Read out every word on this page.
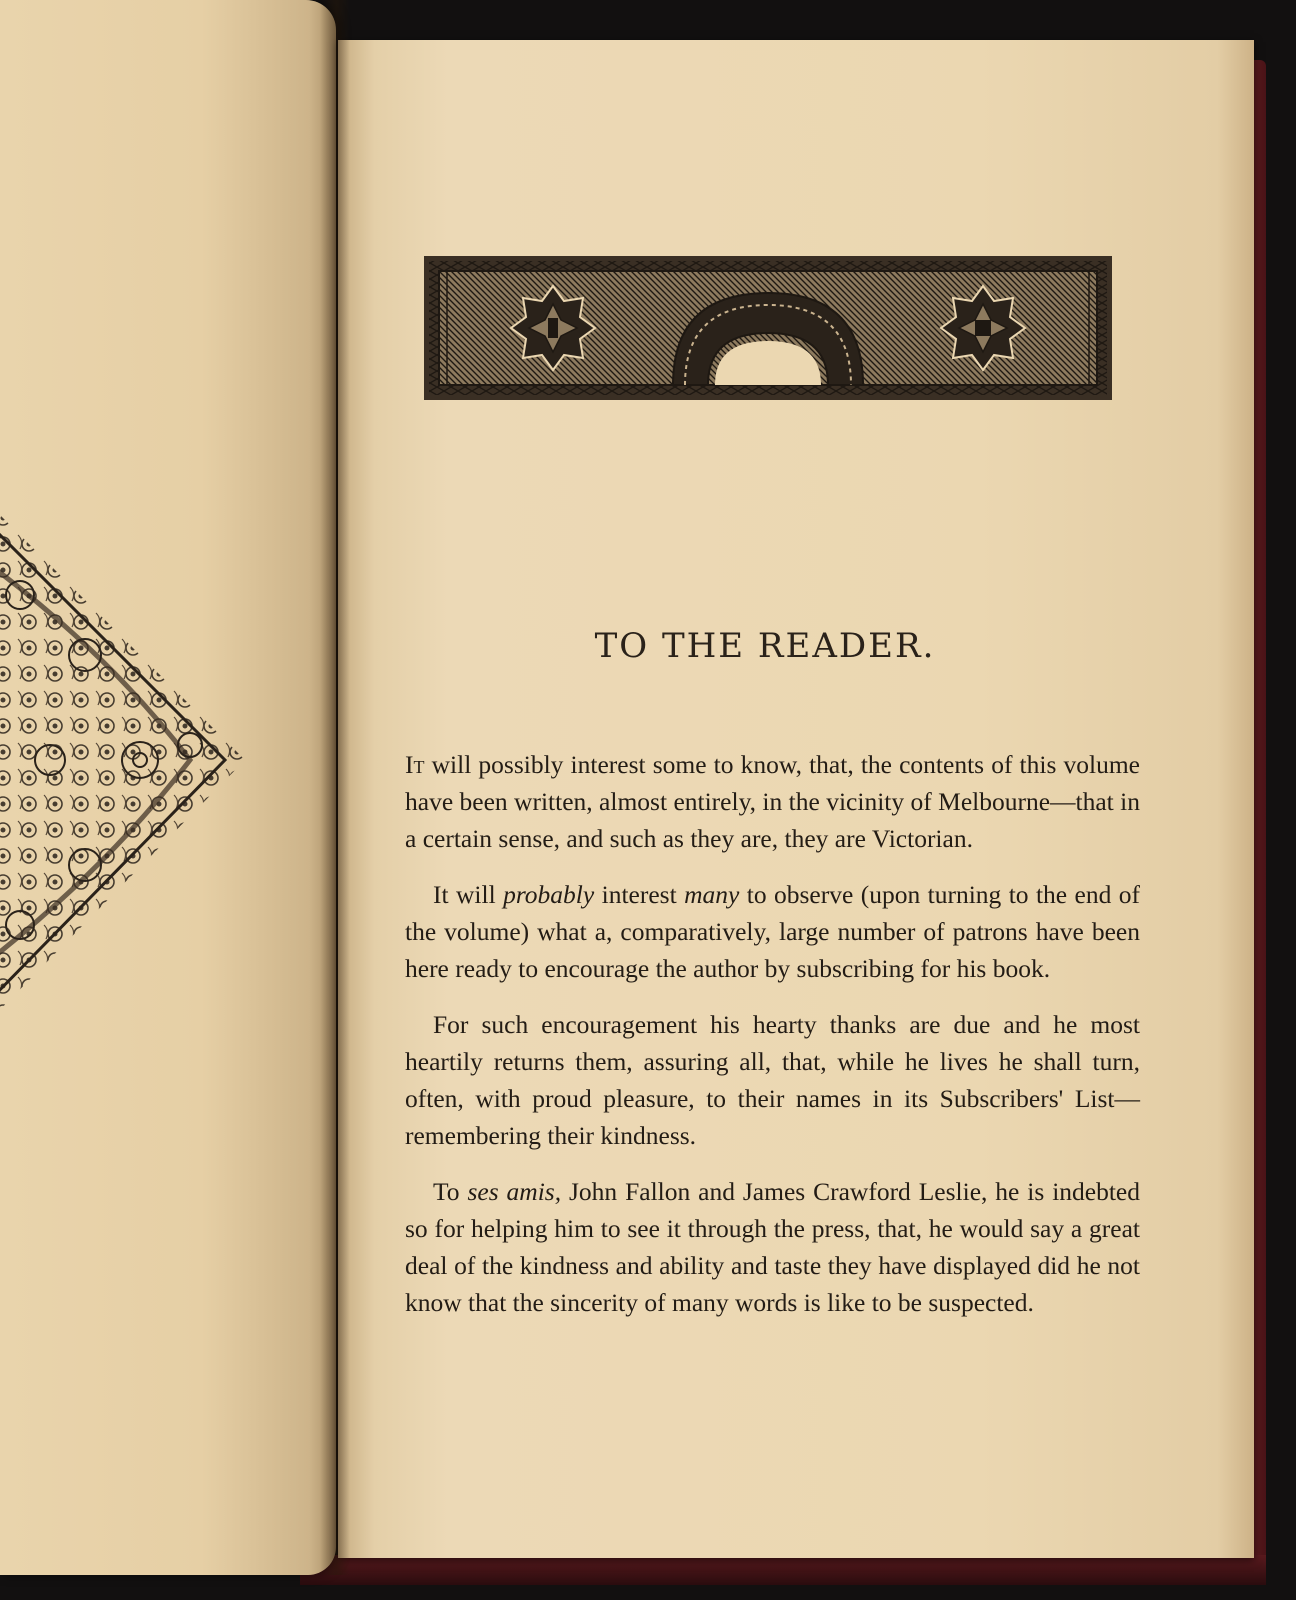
TO THE READER.

It will possibly interest some to know, that, the contents of this volume have been written, almost entirely, in the vicinity of Melbourne—that in a certain sense, and such as they are, they are Victorian.

It will probably interest many to observe (upon turning to the end of the volume) what a, comparatively, large number of patrons have been here ready to encourage the author by subscribing for his book.

For such encouragement his hearty thanks are due and he most heartily returns them, assuring all, that, while he lives he shall turn, often, with proud pleasure, to their names in its Subscribers' List—remembering their kindness.

To ses amis, John Fallon and James Crawford Leslie, he is indebted so for helping him to see it through the press, that, he would say a great deal of the kindness and ability and taste they have displayed did he not know that the sincerity of many words is like to be suspected.
